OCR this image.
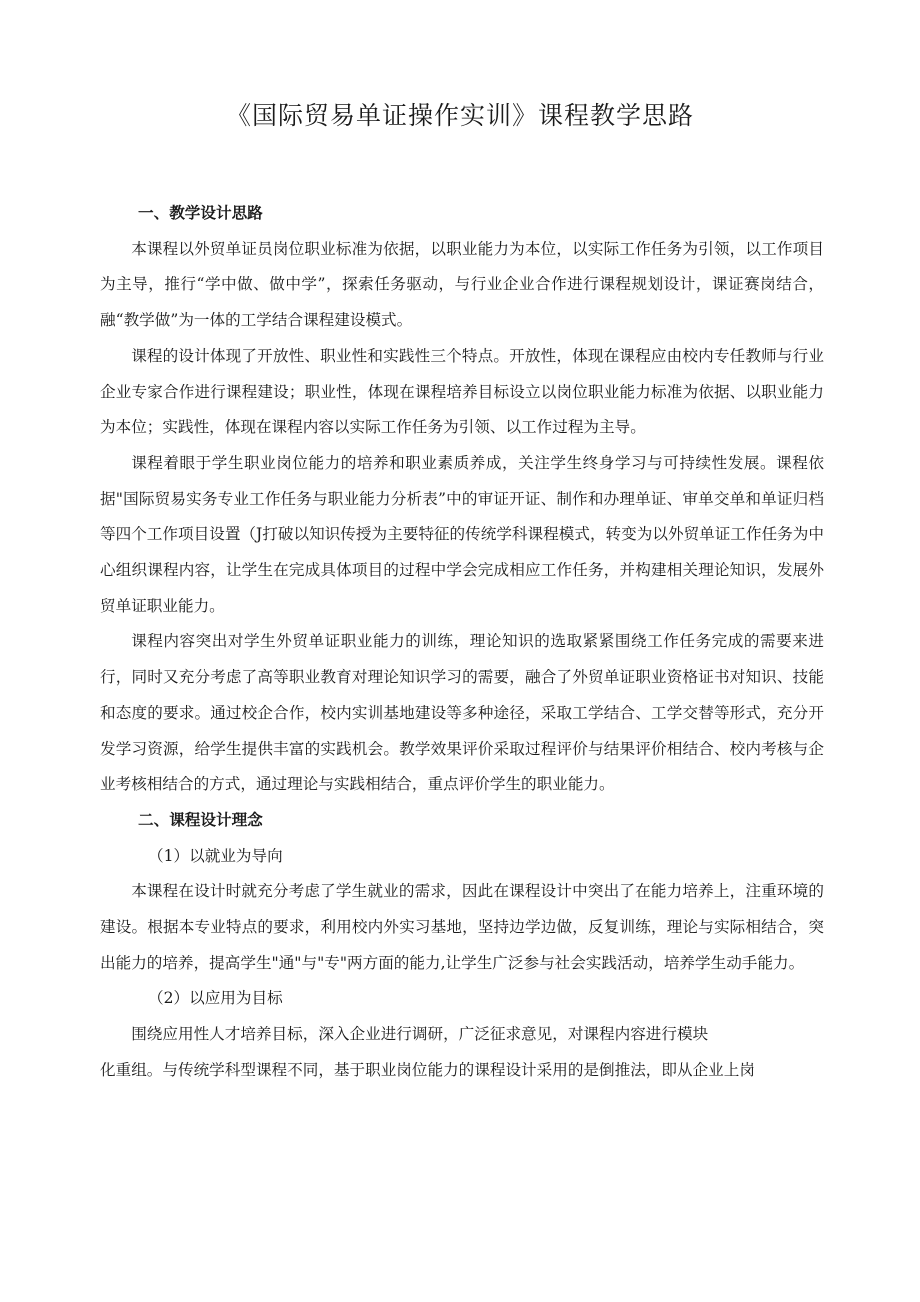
《国际贸易单证操作实训》课程教学思路

一、教学设计思路

本课程以外贸单证员岗位职业标准为依据，以职业能力为本位，以实际工作任务为引领，以工作项目为主导，推行“学中做、做中学”，探索任务驱动，与行业企业合作进行课程规划设计，课证赛岗结合，融“教学做”为一体的工学结合课程建设模式。

课程的设计体现了开放性、职业性和实践性三个特点。开放性，体现在课程应由校内专任教师与行业企业专家合作进行课程建设；职业性，体现在课程培养目标设立以岗位职业能力标准为依据、以职业能力为本位；实践性，体现在课程内容以实际工作任务为引领、以工作过程为主导。

课程着眼于学生职业岗位能力的培养和职业素质养成，关注学生终身学习与可持续性发展。课程依据"国际贸易实务专业工作任务与职业能力分析表”中的审证开证、制作和办理单证、审单交单和单证归档等四个工作项目设置（J打破以知识传授为主要特征的传统学科课程模式，转变为以外贸单证工作任务为中心组织课程内容，让学生在完成具体项目的过程中学会完成相应工作任务，并构建相关理论知识，发展外贸单证职业能力。

课程内容突出对学生外贸单证职业能力的训练，理论知识的选取紧紧围绕工作任务完成的需要来进行，同时又充分考虑了高等职业教育对理论知识学习的需要，融合了外贸单证职业资格证书对知识、技能和态度的要求。通过校企合作，校内实训基地建设等多种途径，采取工学结合、工学交替等形式，充分开发学习资源，给学生提供丰富的实践机会。教学效果评价采取过程评价与结果评价相结合、校内考核与企业考核相结合的方式，通过理论与实践相结合，重点评价学生的职业能力。

二、课程设计理念

（1）以就业为导向

本课程在设计时就充分考虑了学生就业的需求，因此在课程设计中突出了在能力培养上，注重环境的建设。根据本专业特点的要求，利用校内外实习基地，坚持边学边做，反复训练，理论与实际相结合，突出能力的培养，提高学生"通"与"专"两方面的能力,让学生广泛参与社会实践活动，培养学生动手能力。

（2）以应用为目标

围绕应用性人才培养目标，深入企业进行调研，广泛征求意见，对课程内容进行模块

化重组。与传统学科型课程不同，基于职业岗位能力的课程设计采用的是倒推法，即从企业上岗
